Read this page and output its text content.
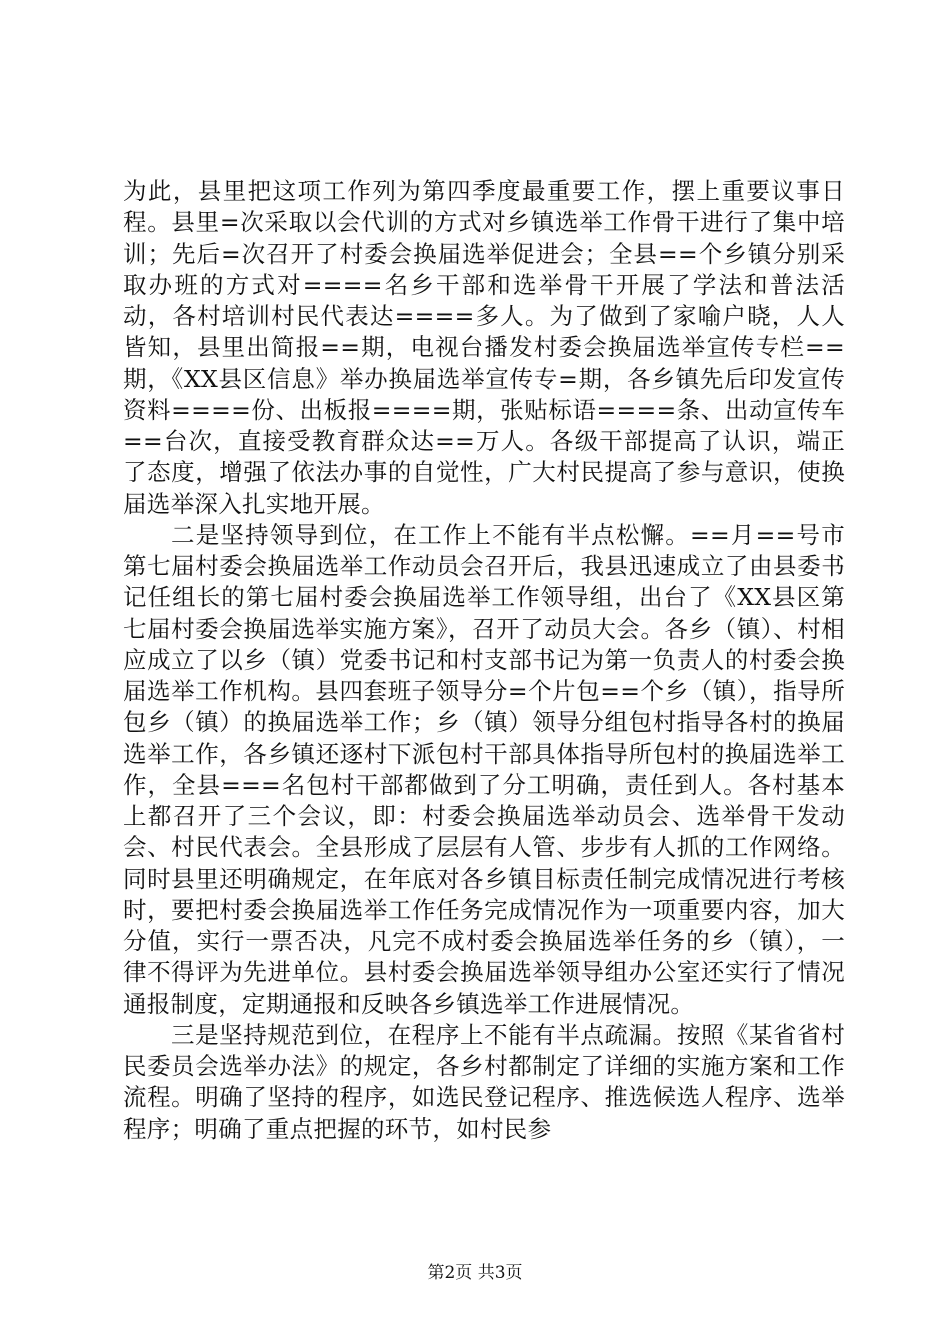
为此，县里把这项工作列为第四季度最重要工作，摆上重要议事日程。县里=次采取以会代训的方式对乡镇选举工作骨干进行了集中培训；先后=次召开了村委会换届选举促进会；全县==个乡镇分别采取办班的方式对====名乡干部和选举骨干开展了学法和普法活动，各村培训村民代表达====多人。为了做到了家喻户晓，人人皆知，县里出简报==期，电视台播发村委会换届选举宣传专栏==期，《XX县区信息》举办换届选举宣传专=期，各乡镇先后印发宣传资料====份、出板报====期，张贴标语====条、出动宣传车==台次，直接受教育群众达==万人。各级干部提高了认识，端正了态度，增强了依法办事的自觉性，广大村民提高了参与意识，使换届选举深入扎实地开展。

二是坚持领导到位，在工作上不能有半点松懈。==月==号市第七届村委会换届选举工作动员会召开后，我县迅速成立了由县委书记任组长的第七届村委会换届选举工作领导组，出台了《XX县区第七届村委会换届选举实施方案》，召开了动员大会。各乡（镇）、村相应成立了以乡（镇）党委书记和村支部书记为第一负责人的村委会换届选举工作机构。县四套班子领导分=个片包==个乡（镇），指导所包乡（镇）的换届选举工作；乡（镇）领导分组包村指导各村的换届选举工作，各乡镇还逐村下派包村干部具体指导所包村的换届选举工作，全县===名包村干部都做到了分工明确，责任到人。各村基本上都召开了三个会议，即：村委会换届选举动员会、选举骨干发动会、村民代表会。全县形成了层层有人管、步步有人抓的工作网络。同时县里还明确规定，在年底对各乡镇目标责任制完成情况进行考核时，要把村委会换届选举工作任务完成情况作为一项重要内容，加大分值，实行一票否决，凡完不成村委会换届选举任务的乡（镇），一律不得评为先进单位。县村委会换届选举领导组办公室还实行了情况通报制度，定期通报和反映各乡镇选举工作进展情况。

三是坚持规范到位，在程序上不能有半点疏漏。按照《某省省村民委员会选举办法》的规定，各乡村都制定了详细的实施方案和工作流程。明确了坚持的程序，如选民登记程序、推选候选人程序、选举程序；明确了重点把握的环节，如村民参

第2页 共3页
